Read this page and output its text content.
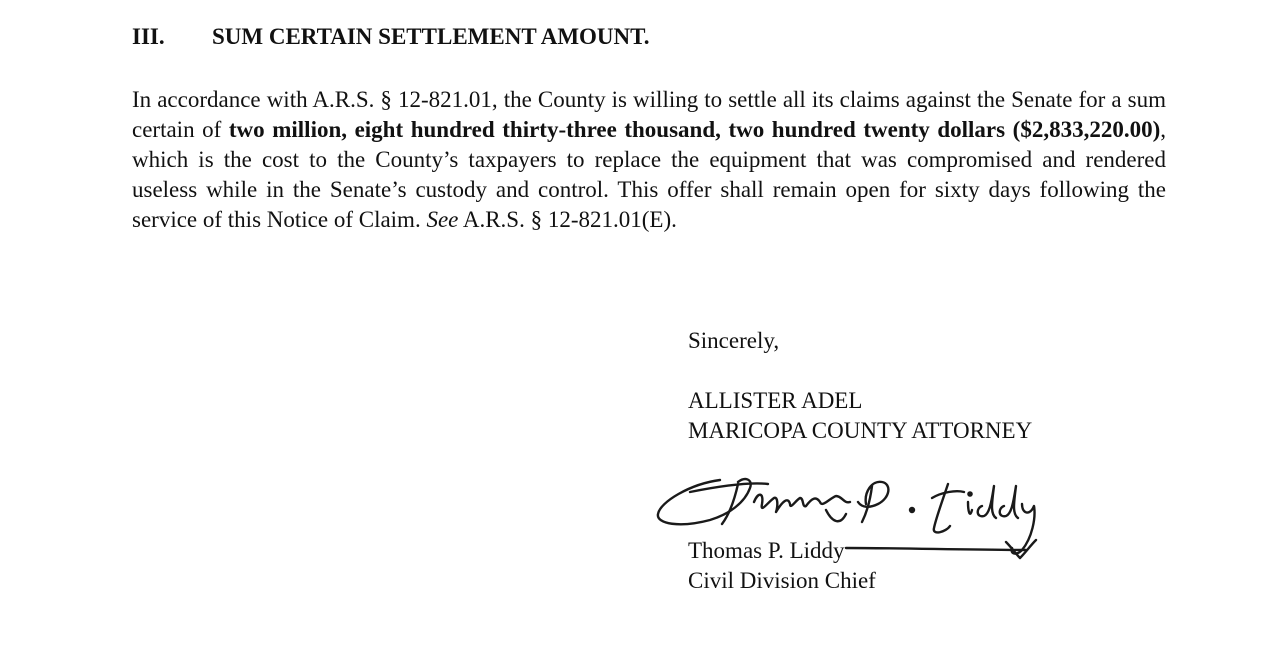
III. SUM CERTAIN SETTLEMENT AMOUNT.

In accordance with A.R.S. § 12-821.01, the County is willing to settle all its claims against the Senate for a sum certain of two million, eight hundred thirty-three thousand, two hundred twenty dollars ($2,833,220.00), which is the cost to the County’s taxpayers to replace the equipment that was compromised and rendered useless while in the Senate’s custody and control. This offer shall remain open for sixty days following the service of this Notice of Claim. See A.R.S. § 12-821.01(E).

Sincerely,
ALLISTER ADEL
MARICOPA COUNTY ATTORNEY
Thomas P. Liddy
Civil Division Chief
